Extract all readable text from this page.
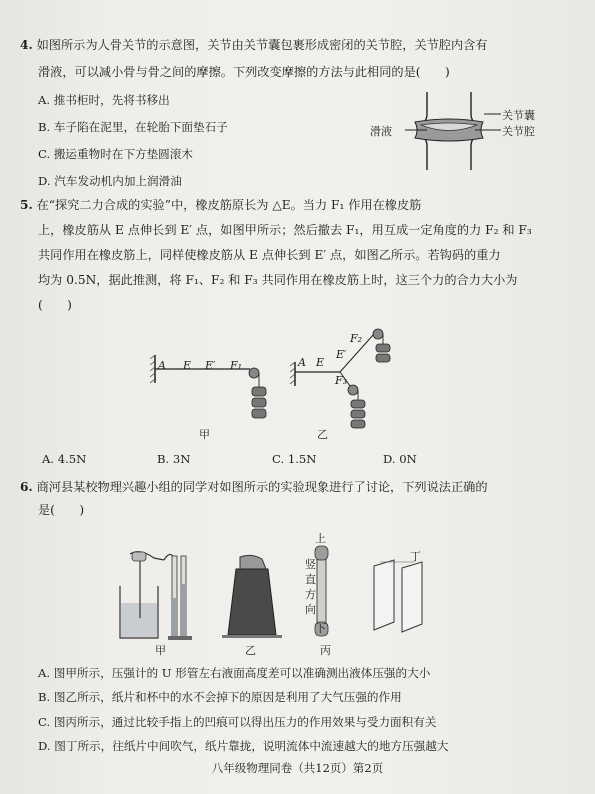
4. 如图所示为人骨关节的示意图，关节由关节囊包裹形成密闭的关节腔，关节腔内含有
滑液，可以减小骨与骨之间的摩擦。下列改变摩擦的方法与此相同的是(　　)
A. 推书柜时，先将书移出
B. 车子陷在泥里，在轮胎下面垫石子
C. 搬运重物时在下方垫圆滚木
D. 汽车发动机内加上润滑油
关节囊
关节腔
滑液
5. 在“探究二力合成的实验”中，橡皮筋原长为 △E。当力 F₁ 作用在橡皮筋
上，橡皮筋从 E 点伸长到 E′ 点，如图甲所示；然后撤去 F₁，用互成一定角度的力 F₂ 和 F₃
共同作用在橡皮筋上，同样使橡皮筋从 E 点伸长到 E′ 点，如图乙所示。若钩码的重力
均为 0.5N，据此推测，将 F₁、F₂ 和 F₃ 共同作用在橡皮筋上时，这三个力的合力大小为
(　　)
A E E′ F₁
甲
A E
E′
F₂
F₃
乙
A. 4.5N	B. 3N	C. 1.5N	D. 0N
6. 商河县某校物理兴趣小组的同学对如图所示的实验现象进行了讨论，下列说法正确的
是(　　)
甲	乙
上
竖
直
方
向
下
丙
丁
A. 图甲所示，压强计的 U 形管左右液面高度差可以准确测出液体压强的大小
B. 图乙所示，纸片和杯中的水不会掉下的原因是利用了大气压强的作用
C. 图丙所示，通过比较手指上的凹痕可以得出压力的作用效果与受力面积有关
D. 图丁所示，往纸片中间吹气，纸片靠拢，说明流体中流速越大的地方压强越大
八年级物理同卷（共12页）第2页
